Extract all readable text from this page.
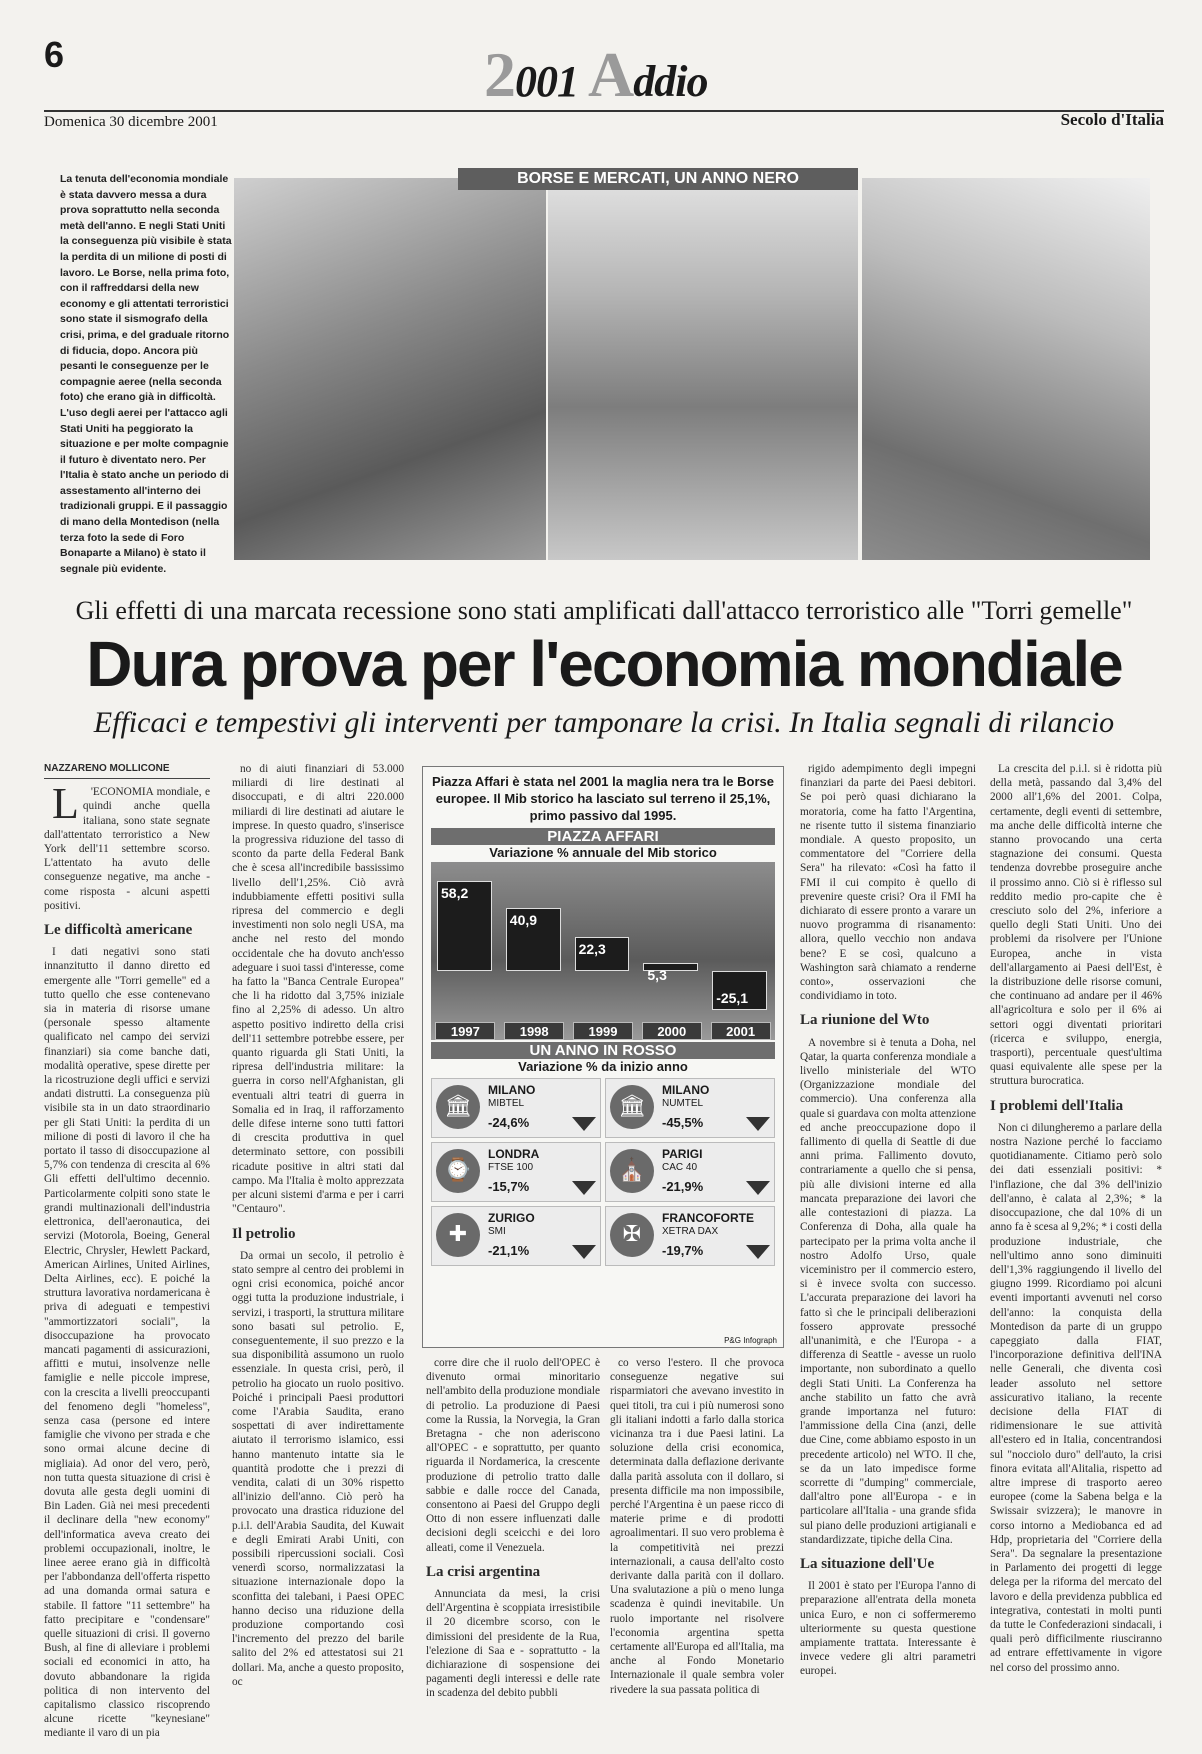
6	2001 Addio
Domenica 30 dicembre 2001	Secolo d'Italia
La tenuta dell'economia mondiale è stata davvero messa a dura prova soprattutto nella seconda metà dell'anno. E negli Stati Uniti la conseguenza più visibile è stata la perdita di un milione di posti di lavoro. Le Borse, nella prima foto, con il raffreddarsi della new economy e gli attentati terroristici sono state il sismografo della crisi, prima, e del graduale ritorno di fiducia, dopo. Ancora più pesanti le conseguenze per le compagnie aeree (nella seconda foto) che erano già in difficoltà. L'uso degli aerei per l'attacco agli Stati Uniti ha peggiorato la situazione e per molte compagnie il futuro è diventato nero. Per l'Italia è stato anche un periodo di assestamento all'interno dei tradizionali gruppi. E il passaggio di mano della Montedison (nella terza foto la sede di Foro Bonaparte a Milano) è stato il segnale più evidente.
BORSE E MERCATI, UN ANNO NERO
Gli effetti di una marcata recessione sono stati amplificati dall'attacco terroristico alle "Torri gemelle"
Dura prova per l'economia mondiale
Efficaci e tempestivi gli interventi per tamponare la crisi. In Italia segnali di rilancio
NAZZARENO MOLLICONE

L 'ECONOMIA mondiale, e quindi anche quella italiana, sono state segnate dall'attentato terroristico a New York dell'11 settembre scorso. L'attentato ha avuto delle conseguenze negative, ma anche - come risposta - alcuni aspetti positivi.

Le difficoltà americane

I dati negativi sono stati innanzitutto il danno diretto ed emergente alle "Torri gemelle" ed a tutto quello che esse contenevano sia in materia di risorse umane (personale spesso altamente qualificato nel campo dei servizi finanziari) sia come banche dati, modalità operative, spese dirette per la ricostruzione degli uffici e servizi andati distrutti. La conseguenza più visibile sta in un dato straordinario per gli Stati Uniti: la perdita di un milione di posti di lavoro il che ha portato il tasso di disoccupazione al 5,7% con tendenza di crescita al 6% Gli effetti dell'ultimo decennio. Particolarmente colpiti sono state le grandi multinazionali dell'industria elettronica, dell'aeronautica, dei servizi (Motorola, Boeing, General Electric, Chrysler, Hewlett Packard, American Airlines, United Airlines, Delta Airlines, ecc). E poiché la struttura lavorativa nordamericana è priva di adeguati e tempestivi "ammortizzatori sociali", la disoccupazione ha provocato mancati pagamenti di assicurazioni, affitti e mutui, insolvenze nelle famiglie e nelle piccole imprese, con la crescita a livelli preoccupanti del fenomeno degli "homeless", senza casa (persone ed intere famiglie che vivono per strada e che sono ormai alcune decine di migliaia). Ad onor del vero, però, non tutta questa situazione di crisi è dovuta alle gesta degli uomini di Bin Laden. Già nei mesi precedenti il declinare della "new economy" dell'informatica aveva creato dei problemi occupazionali, inoltre, le linee aeree erano già in difficoltà per l'abbondanza dell'offerta rispetto ad una domanda ormai satura e stabile. Il fattore "11 settembre" ha fatto precipitare e "condensare" quelle situazioni di crisi. Il governo Bush, al fine di alleviare i problemi sociali ed economici in atto, ha dovuto abbandonare la rigida politica di non intervento del capitalismo classico riscoprendo alcune ricette "keynesiane" mediante il varo di un pia

no di aiuti finanziari di 53.000 miliardi di lire destinati al disoccupati, e di altri 220.000 miliardi di lire destinati ad aiutare le imprese. In questo quadro, s'inserisce la progressiva riduzione del tasso di sconto da parte della Federal Bank che è scesa all'incredibile bassissimo livello dell'1,25%. Ciò avrà indubbiamente effetti positivi sulla ripresa del commercio e degli investimenti non solo negli USA, ma anche nel resto del mondo occidentale che ha dovuto anch'esso adeguare i suoi tassi d'interesse, come ha fatto la "Banca Centrale Europea" che li ha ridotto dal 3,75% iniziale fino al 2,25% di adesso. Un altro aspetto positivo indiretto della crisi dell'11 settembre potrebbe essere, per quanto riguarda gli Stati Uniti, la ripresa dell'industria militare: la guerra in corso nell'Afghanistan, gli eventuali altri teatri di guerra in Somalia ed in Iraq, il rafforzamento delle difese interne sono tutti fattori di crescita produttiva in quel determinato settore, con possibili ricadute positive in altri stati dal campo. Ma l'Italia è molto apprezzata per alcuni sistemi d'arma e per i carri "Centauro".

Il petrolio

Da ormai un secolo, il petrolio è stato sempre al centro dei problemi in ogni crisi economica, poiché ancor oggi tutta la produzione industriale, i servizi, i trasporti, la struttura militare sono basati sul petrolio. E, conseguentemente, il suo prezzo e la sua disponibilità assumono un ruolo essenziale. In questa crisi, però, il petrolio ha giocato un ruolo positivo. Poiché i principali Paesi produttori come l'Arabia Saudita, erano sospettati di aver indirettamente aiutato il terrorismo islamico, essi hanno mantenuto intatte sia le quantità prodotte che i prezzi di vendita, calati di un 30% rispetto all'inizio dell'anno. Ciò però ha provocato una drastica riduzione del p.i.l. dell'Arabia Saudita, del Kuwait e degli Emirati Arabi Uniti, con possibili ripercussioni sociali. Così venerdì scorso, normalizzatasi la situazione internazionale dopo la sconfitta dei talebani, i Paesi OPEC hanno deciso una riduzione della produzione comportando così l'incremento del prezzo del barile salito del 2% ed attestatosi sui 21 dollari. Ma, anche a questo proposito, oc

Piazza Affari è stata nel 2001 la maglia nera tra le Borse europee. Il Mib storico ha lasciato sul terreno il 25,1%, primo passivo dal 1995.
PIAZZA AFFARI
Variazione % annuale del Mib storico
58,2
1997
40,9
1998
22,3
1999
5,3
2000
-25,1
2001
UN ANNO IN ROSSO
Variazione % da inizio anno
🏛
MILANO
MIBTEL
-24,6%
🏛
MILANO
NUMTEL
-45,5%
⌚
LONDRA
FTSE 100
-15,7%
⛪
PARIGI
CAC 40
-21,9%
✚
ZURIGO
SMI
-21,1%
✠
FRANCOFORTE
XETRA DAX
-19,7%
P&G Infograph

corre dire che il ruolo dell'OPEC è divenuto ormai minoritario nell'ambito della produzione mondiale di petrolio. La produzione di Paesi come la Russia, la Norvegia, la Gran Bretagna - che non aderiscono all'OPEC - e soprattutto, per quanto riguarda il Nordamerica, la crescente produzione di petrolio tratto dalle sabbie e dalle rocce del Canada, consentono ai Paesi del Gruppo degli Otto di non essere influenzati dalle decisioni degli sceicchi e dei loro alleati, come il Venezuela.

La crisi argentina

Annunciata da mesi, la crisi dell'Argentina è scoppiata irresistibile il 20 dicembre scorso, con le dimissioni del presidente de la Rua, l'elezione di Saa e - soprattutto - la dichiarazione di sospensione dei pagamenti degli interessi e delle rate in scadenza del debito pubbli

co verso l'estero. Il che provoca conseguenze negative sui risparmiatori che avevano investito in quei titoli, tra cui i più numerosi sono gli italiani indotti a farlo dalla storica vicinanza tra i due Paesi latini. La soluzione della crisi economica, determinata dalla deflazione derivante dalla parità assoluta con il dollaro, si presenta difficile ma non impossibile, perché l'Argentina è un paese ricco di materie prime e di prodotti agroalimentari. Il suo vero problema è la competitività nei prezzi internazionali, a causa dell'alto costo derivante dalla parità con il dollaro. Una svalutazione a più o meno lunga scadenza è quindi inevitabile. Un ruolo importante nel risolvere l'economia argentina spetta certamente all'Europa ed all'Italia, ma anche al Fondo Monetario Internazionale il quale sembra voler rivedere la sua passata politica di

rigido adempimento degli impegni finanziari da parte dei Paesi debitori. Se poi però quasi dichiarano la moratoria, come ha fatto l'Argentina, ne risente tutto il sistema finanziario mondiale. A questo proposito, un commentatore del "Corriere della Sera" ha rilevato: «Così ha fatto il FMI il cui compito è quello di prevenire queste crisi? Ora il FMI ha dichiarato di essere pronto a varare un nuovo programma di risanamento: allora, quello vecchio non andava bene? E se così, qualcuno a Washington sarà chiamato a renderne conto», osservazioni che condividiamo in toto.

La riunione del Wto

A novembre si è tenuta a Doha, nel Qatar, la quarta conferenza mondiale a livello ministeriale del WTO (Organizzazione mondiale del commercio). Una conferenza alla quale si guardava con molta attenzione ed anche preoccupazione dopo il fallimento di quella di Seattle di due anni prima. Fallimento dovuto, contrariamente a quello che si pensa, più alle divisioni interne ed alla mancata preparazione dei lavori che alle contestazioni di piazza. La Conferenza di Doha, alla quale ha partecipato per la prima volta anche il nostro Adolfo Urso, quale viceministro per il commercio estero, si è invece svolta con successo. L'accurata preparazione dei lavori ha fatto sì che le principali deliberazioni fossero approvate pressoché all'unanimità, e che l'Europa - a differenza di Seattle - avesse un ruolo importante, non subordinato a quello degli Stati Uniti. La Conferenza ha anche stabilito un fatto che avrà grande importanza nel futuro: l'ammissione della Cina (anzi, delle due Cine, come abbiamo esposto in un precedente articolo) nel WTO. Il che, se da un lato impedisce forme scorrette di "dumping" commerciale, dall'altro pone all'Europa - e in particolare all'Italia - una grande sfida sul piano delle produzioni artigianali e standardizzate, tipiche della Cina.

La situazione dell'Ue

Il 2001 è stato per l'Europa l'anno di preparazione all'entrata della moneta unica Euro, e non ci soffermeremo ulteriormente su questa questione ampiamente trattata. Interessante è invece vedere gli altri parametri europei.

La crescita del p.i.l. si è ridotta più della metà, passando dal 3,4% del 2000 all'1,6% del 2001. Colpa, certamente, degli eventi di settembre, ma anche delle difficoltà interne che stanno provocando una certa stagnazione dei consumi. Questa tendenza dovrebbe proseguire anche il prossimo anno. Ciò si è riflesso sul reddito medio pro-capite che è cresciuto solo del 2%, inferiore a quello degli Stati Uniti. Uno dei problemi da risolvere per l'Unione Europea, anche in vista dell'allargamento ai Paesi dell'Est, è la distribuzione delle risorse comuni, che continuano ad andare per il 46% all'agricoltura e solo per il 6% ai settori oggi diventati prioritari (ricerca e sviluppo, energia, trasporti), percentuale quest'ultima quasi equivalente alle spese per la struttura burocratica.

I problemi dell'Italia

Non ci dilungheremo a parlare della nostra Nazione perché lo facciamo quotidianamente. Citiamo però solo dei dati essenziali positivi: * l'inflazione, che dal 3% dell'inizio dell'anno, è calata al 2,3%; * la disoccupazione, che dal 10% di un anno fa è scesa al 9,2%; * i costi della produzione industriale, che nell'ultimo anno sono diminuiti dell'1,3% raggiungendo il livello del giugno 1999. Ricordiamo poi alcuni eventi importanti avvenuti nel corso dell'anno: la conquista della Montedison da parte di un gruppo capeggiato dalla FIAT, l'incorporazione definitiva dell'INA nelle Generali, che diventa così leader assoluto nel settore assicurativo italiano, la recente decisione della FIAT di ridimensionare le sue attività all'estero ed in Italia, concentrandosi sul "nocciolo duro" dell'auto, la crisi finora evitata all'Alitalia, rispetto ad altre imprese di trasporto aereo europee (come la Sabena belga e la Swissair svizzera); le manovre in corso intorno a Mediobanca ed ad Hdp, proprietaria del "Corriere della Sera". Da segnalare la presentazione in Parlamento dei progetti di legge delega per la riforma del mercato del lavoro e della previdenza pubblica ed integrativa, contestati in molti punti da tutte le Confederazioni sindacali, i quali però difficilmente riusciranno ad entrare effettivamente in vigore nel corso del prossimo anno.
